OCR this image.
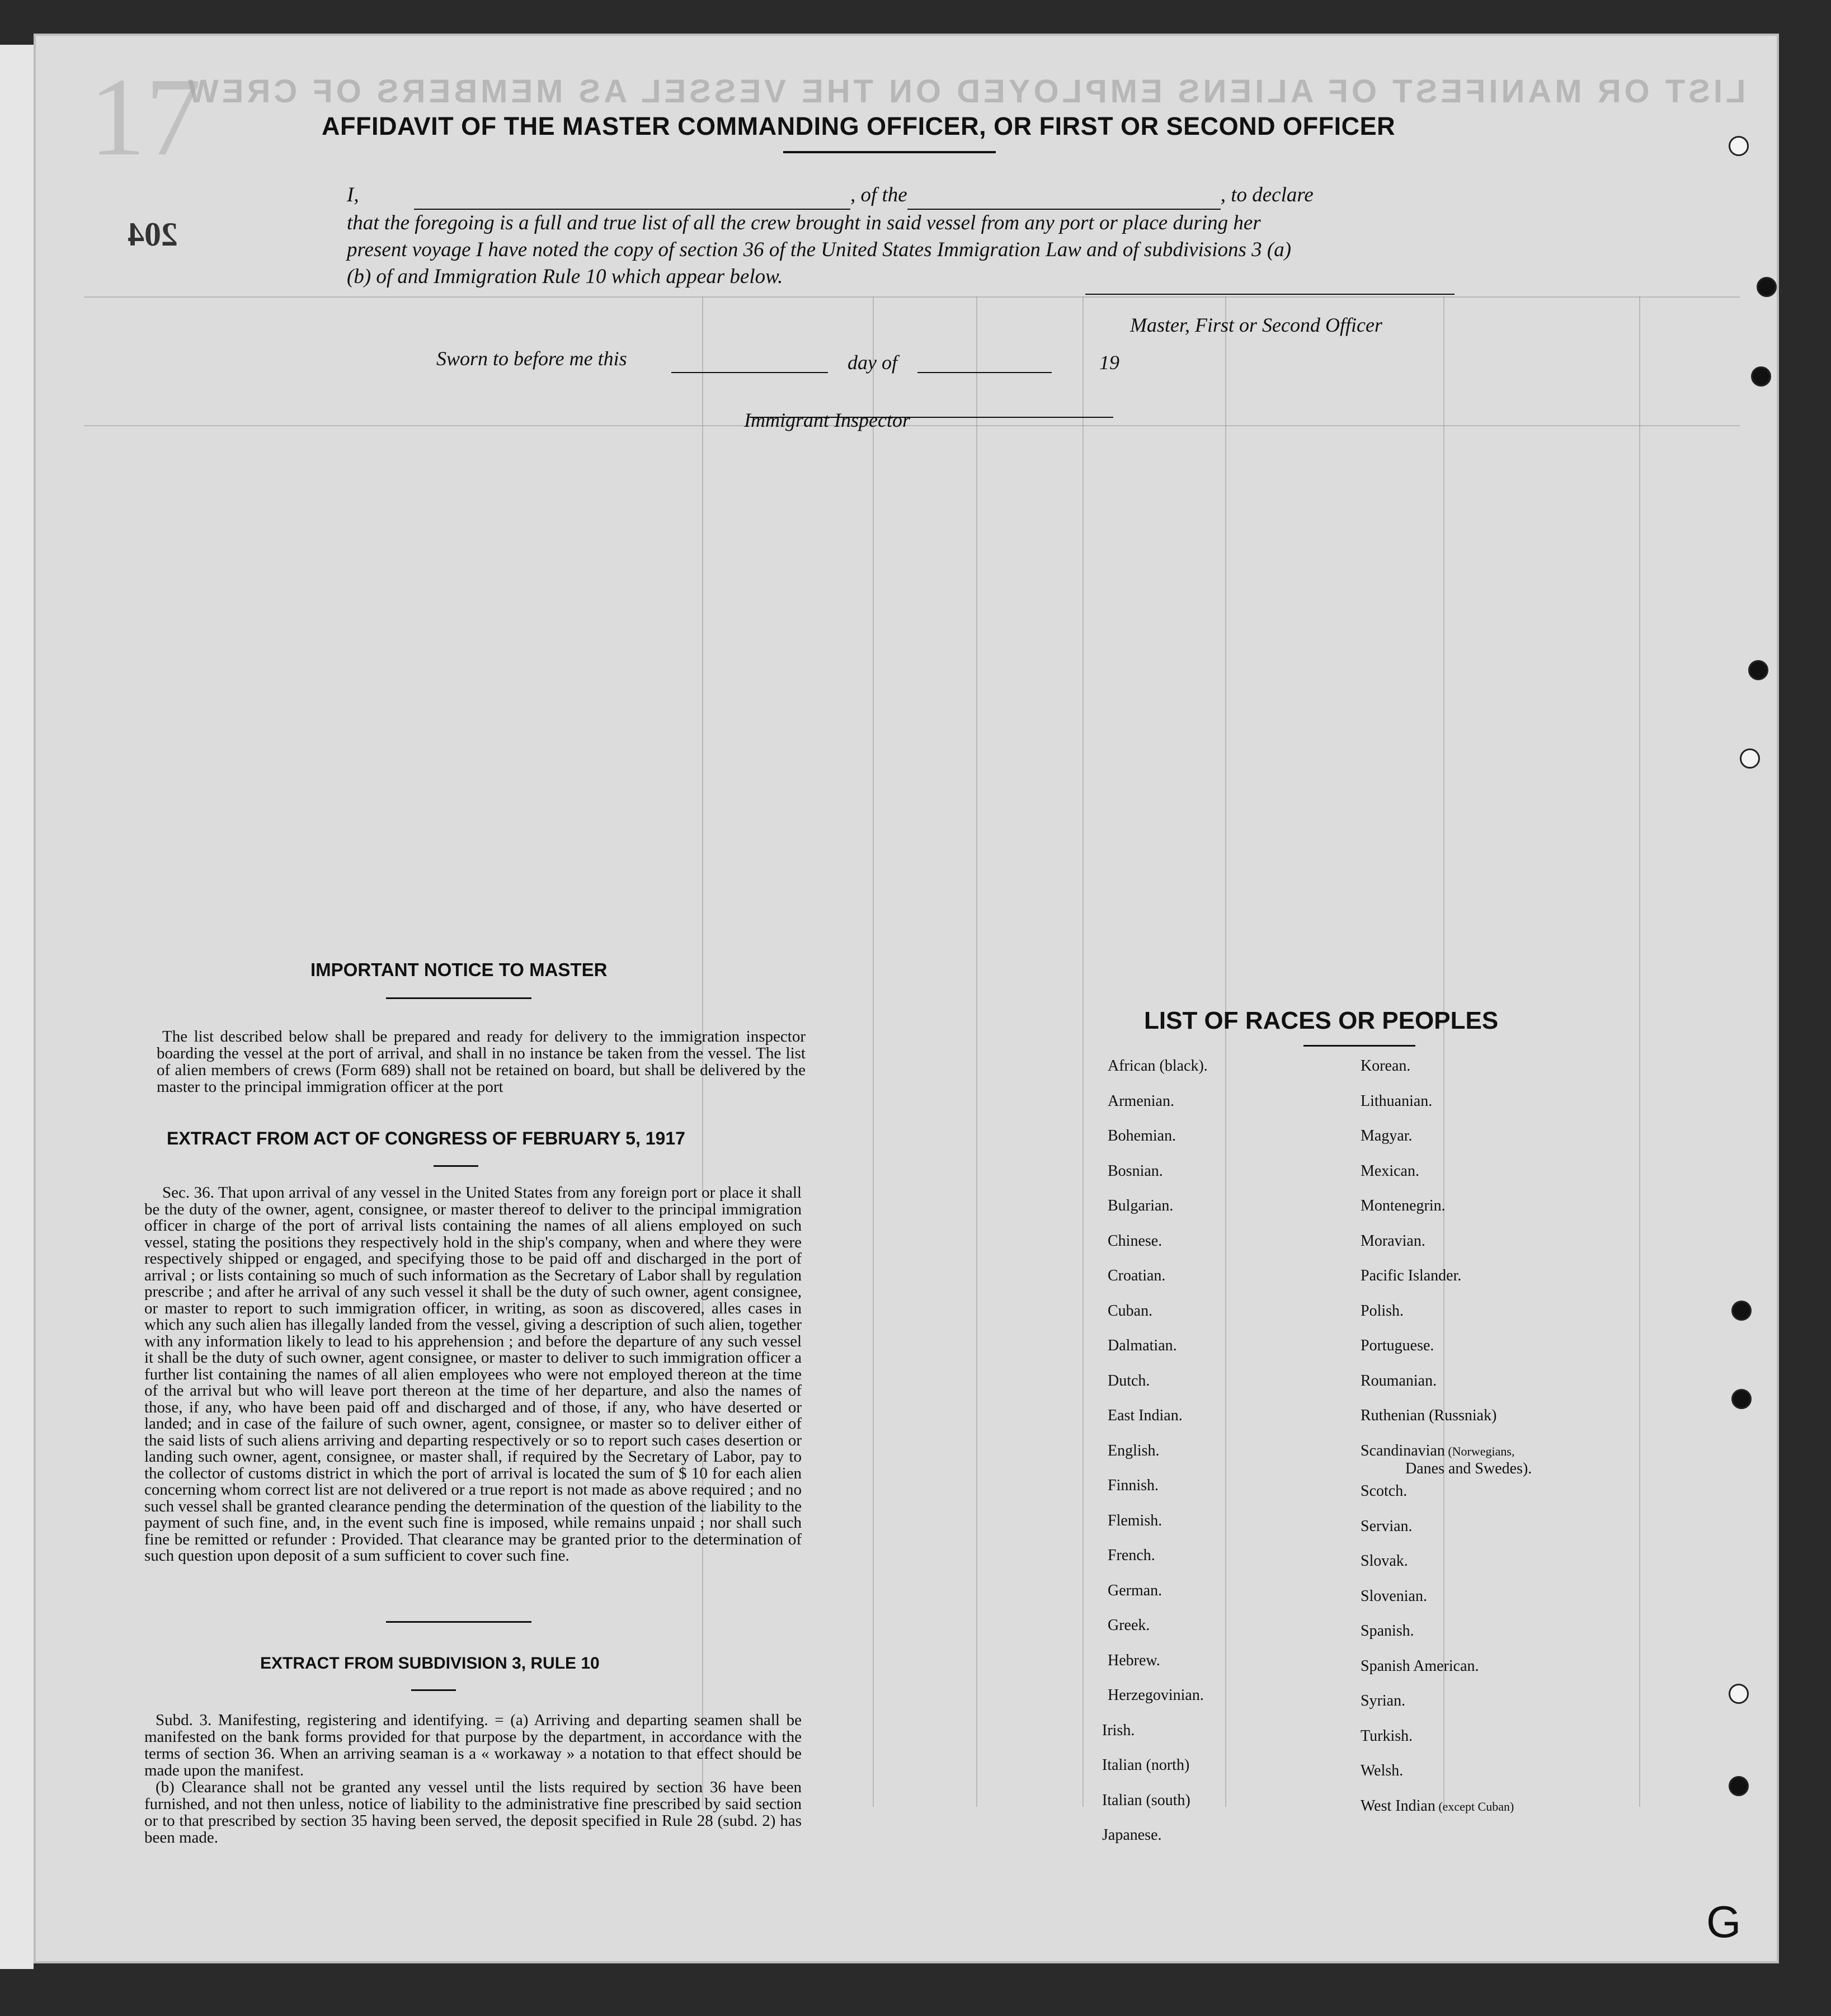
LIST OR MANIFEST OF ALIENS EMPLOYED ON THE VESSEL AS MEMBERS OF CREW
17
204
AFFIDAVIT OF THE MASTER COMMANDING OFFICER, OR FIRST OR SECOND OFFICER
I,	, of the	, to declare
that the foregoing is a full and true list of all the crew brought in said vessel from any port or place during her
present voyage I have noted the copy of section 36 of the United States Immigration Law and of subdivisions 3 (a)
(b) of and Immigration Rule 10 which appear below.
Master, First or Second Officer
Sworn to before me this	day of	19
Immigrant Inspector
IMPORTANT NOTICE TO MASTER
The list described below shall be prepared and ready for delivery to the immigration inspector boarding the vessel at the port of arrival, and shall in no instance be taken from the vessel. The list of alien members of crews (Form 689) shall not be retained on board, but shall be delivered by the master to the principal immigration officer at the port
EXTRACT FROM ACT OF CONGRESS OF FEBRUARY 5, 1917
Sec. 36. That upon arrival of any vessel in the United States from any foreign port or place it shall be the duty of the owner, agent, consignee, or master thereof to deliver to the principal immigration officer in charge of the port of arrival lists containing the names of all aliens employed on such vessel, stating the positions they respectively hold in the ship's company, when and where they were respectively shipped or engaged, and specifying those to be paid off and discharged in the port of arrival ; or lists containing so much of such information as the Secretary of Labor shall by regulation prescribe ; and after he arrival of any such vessel it shall be the duty of such owner, agent consignee, or master to report to such immigration officer, in writing, as soon as discovered, alles cases in which any such alien has illegally landed from the vessel, giving a description of such alien, together with any information likely to lead to his apprehension ; and before the departure of any such vessel it shall be the duty of such owner, agent consignee, or master to deliver to such immigration officer a further list containing the names of all alien employees who were not employed thereon at the time of the arrival but who will leave port thereon at the time of her departure, and also the names of those, if any, who have been paid off and discharged and of those, if any, who have deserted or landed; and in case of the failure of such owner, agent, consignee, or master so to deliver either of the said lists of such aliens arriving and departing respectively or so to report such cases desertion or landing such owner, agent, consignee, or master shall, if required by the Secretary of Labor, pay to the collector of customs district in which the port of arrival is located the sum of $ 10 for each alien concerning whom correct list are not delivered or a true report is not made as above required ; and no such vessel shall be granted clearance pending the determination of the question of the liability to the payment of such fine, and, in the event such fine is imposed, while remains unpaid ; nor shall such fine be remitted or refunder : Provided. That clearance may be granted prior to the determination of such question upon deposit of a sum sufficient to cover such fine.
EXTRACT FROM SUBDIVISION 3, RULE 10
Subd. 3. Manifesting, registering and identifying. = (a) Arriving and departing seamen shall be manifested on the bank forms provided for that purpose by the department, in accordance with the terms of section 36. When an arriving seaman is a « workaway » a notation to that effect should be made upon the manifest.
(b) Clearance shall not be granted any vessel until the lists required by section 36 have been furnished, and not then unless, notice of liability to the administrative fine prescribed by said section or to that prescribed by section 35 having been served, the deposit specified in Rule 28 (subd. 2) has been made.
LIST OF RACES OR PEOPLES
African (black).
Armenian.
Bohemian.
Bosnian.
Bulgarian.
Chinese.
Croatian.
Cuban.
Dalmatian.
Dutch.
East Indian.
English.
Finnish.
Flemish.
French.
German.
Greek.
Hebrew.
Herzegovinian.
Irish.
Italian (north)
Italian (south)
Japanese.
Korean.
Lithuanian.
Magyar.
Mexican.
Montenegrin.
Moravian.
Pacific Islander.
Polish.
Portuguese.
Roumanian.
Ruthenian (Russniak)
Scandinavian (Norwegians,
Danes and Swedes).
Scotch.
Servian.
Slovak.
Slovenian.
Spanish.
Spanish American.
Syrian.
Turkish.
Welsh.
West Indian (except Cuban)
G
